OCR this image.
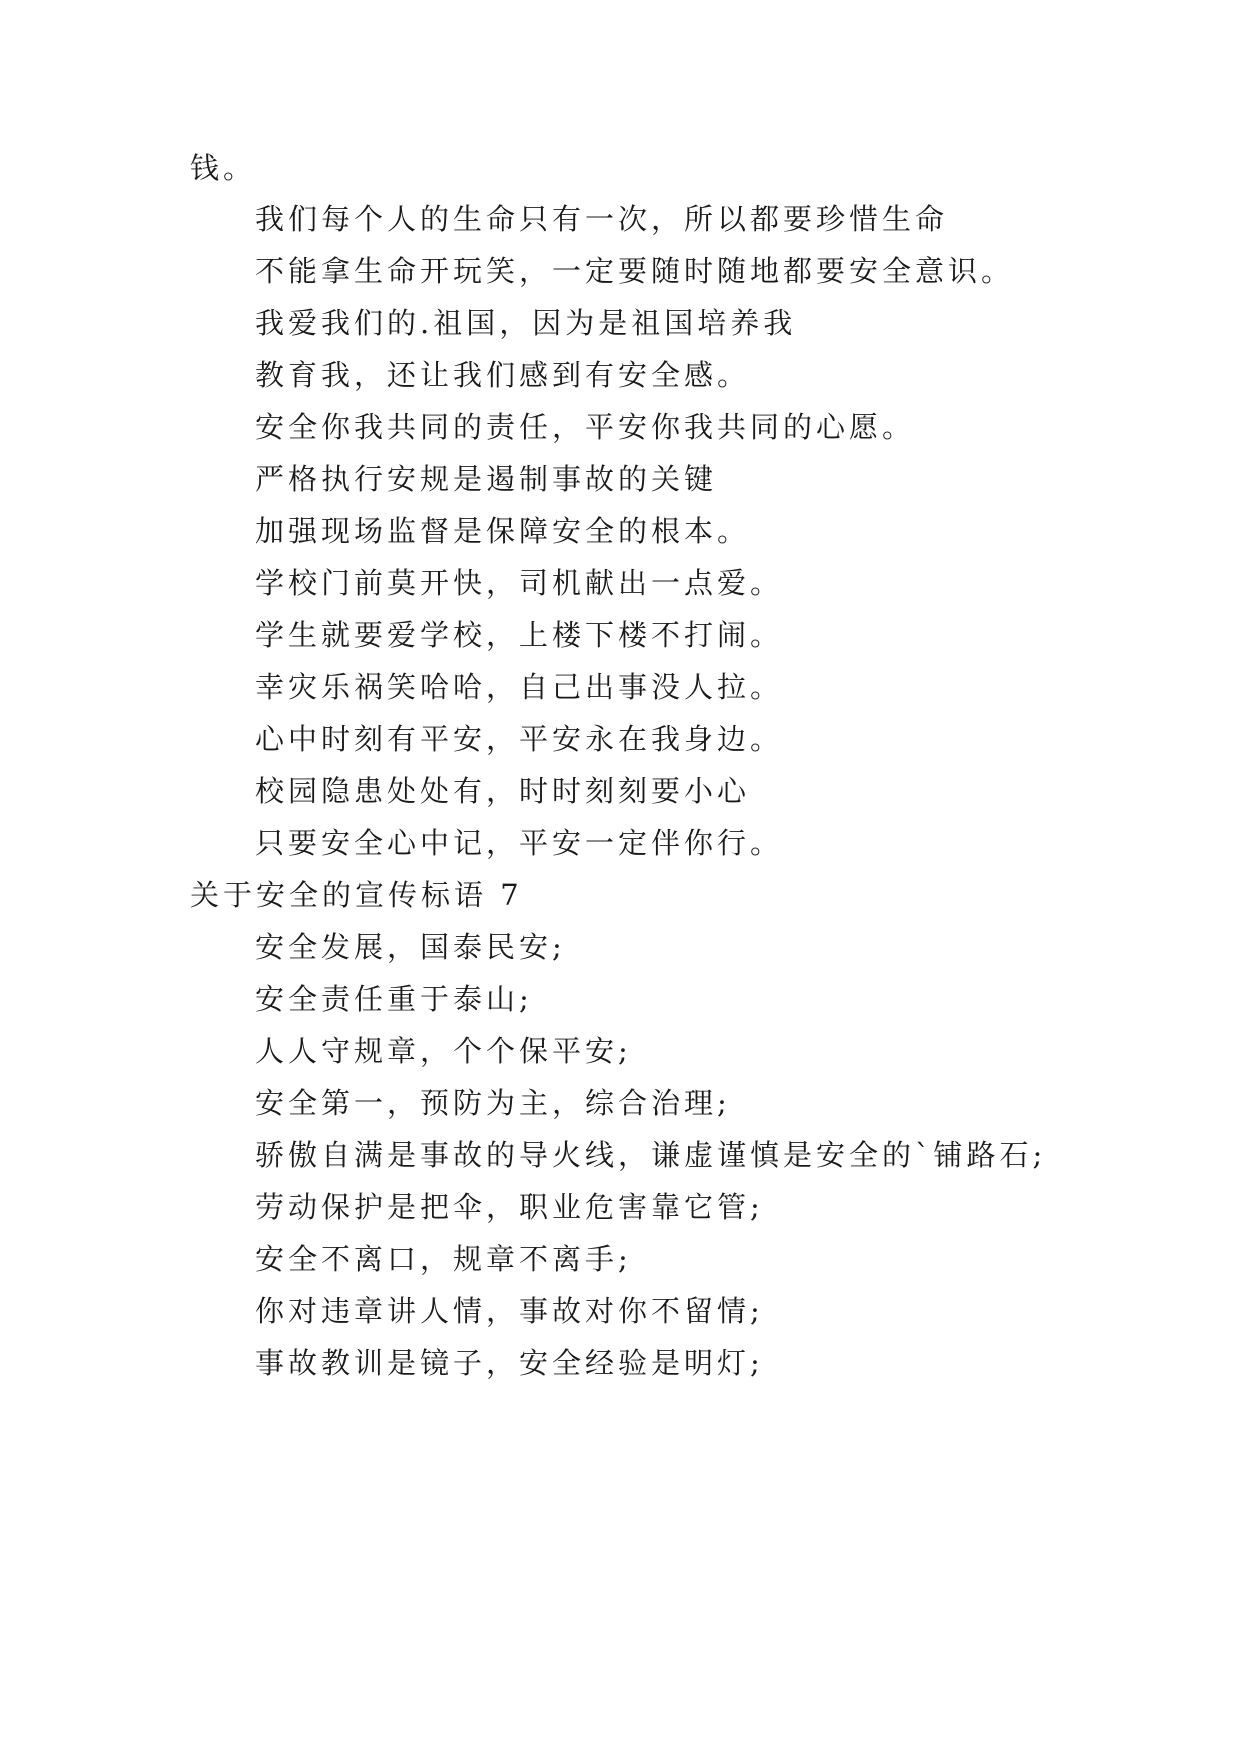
钱。
我们每个人的生命只有一次，所以都要珍惜生命
不能拿生命开玩笑，一定要随时随地都要安全意识。
我爱我们的.祖国，因为是祖国培养我
教育我，还让我们感到有安全感。
安全你我共同的责任，平安你我共同的心愿。
严格执行安规是遏制事故的关键
加强现场监督是保障安全的根本。
学校门前莫开快，司机献出一点爱。
学生就要爱学校，上楼下楼不打闹。
幸灾乐祸笑哈哈，自己出事没人拉。
心中时刻有平安，平安永在我身边。
校园隐患处处有，时时刻刻要小心
只要安全心中记，平安一定伴你行。
关于安全的宣传标语 7
安全发展，国泰民安;
安全责任重于泰山;
人人守规章，个个保平安;
安全第一，预防为主，综合治理;
骄傲自满是事故的导火线，谦虚谨慎是安全的`铺路石;
劳动保护是把伞，职业危害靠它管;
安全不离口，规章不离手;
你对违章讲人情，事故对你不留情;
事故教训是镜子，安全经验是明灯;
